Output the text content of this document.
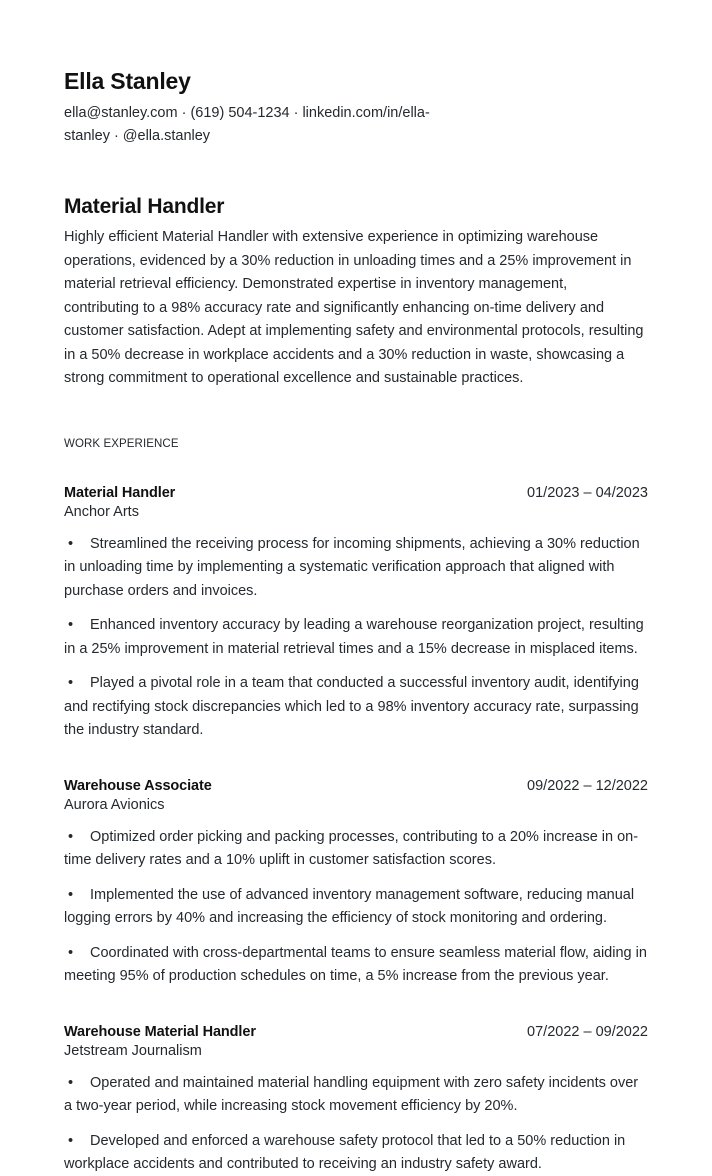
Ella Stanley

ella@stanley.com · (619) 504-1234 · linkedin.com/in/ella-stanley · @ella.stanley

Material Handler

Highly efficient Material Handler with extensive experience in optimizing warehouse operations, evidenced by a 30% reduction in unloading times and a 25% improvement in material retrieval efficiency. Demonstrated expertise in inventory management, contributing to a 98% accuracy rate and significantly enhancing on-time delivery and customer satisfaction. Adept at implementing safety and environmental protocols, resulting in a 50% decrease in workplace accidents and a 30% reduction in waste, showcasing a strong commitment to operational excellence and sustainable practices.

WORK EXPERIENCE
Material Handler	01/2023 – 04/2023
Anchor Arts
• Streamlined the receiving process for incoming shipments, achieving a 30% reduction in unloading time by implementing a systematic verification approach that aligned with purchase orders and invoices.
• Enhanced inventory accuracy by leading a warehouse reorganization project, resulting in a 25% improvement in material retrieval times and a 15% decrease in misplaced items.
• Played a pivotal role in a team that conducted a successful inventory audit, identifying and rectifying stock discrepancies which led to a 98% inventory accuracy rate, surpassing the industry standard.
Warehouse Associate	09/2022 – 12/2022
Aurora Avionics
• Optimized order picking and packing processes, contributing to a 20% increase in on-time delivery rates and a 10% uplift in customer satisfaction scores.
• Implemented the use of advanced inventory management software, reducing manual logging errors by 40% and increasing the efficiency of stock monitoring and ordering.
• Coordinated with cross-departmental teams to ensure seamless material flow, aiding in meeting 95% of production schedules on time, a 5% increase from the previous year.
Warehouse Material Handler	07/2022 – 09/2022
Jetstream Journalism
• Operated and maintained material handling equipment with zero safety incidents over a two-year period, while increasing stock movement efficiency by 20%.
• Developed and enforced a warehouse safety protocol that led to a 50% reduction in workplace accidents and contributed to receiving an industry safety award.
